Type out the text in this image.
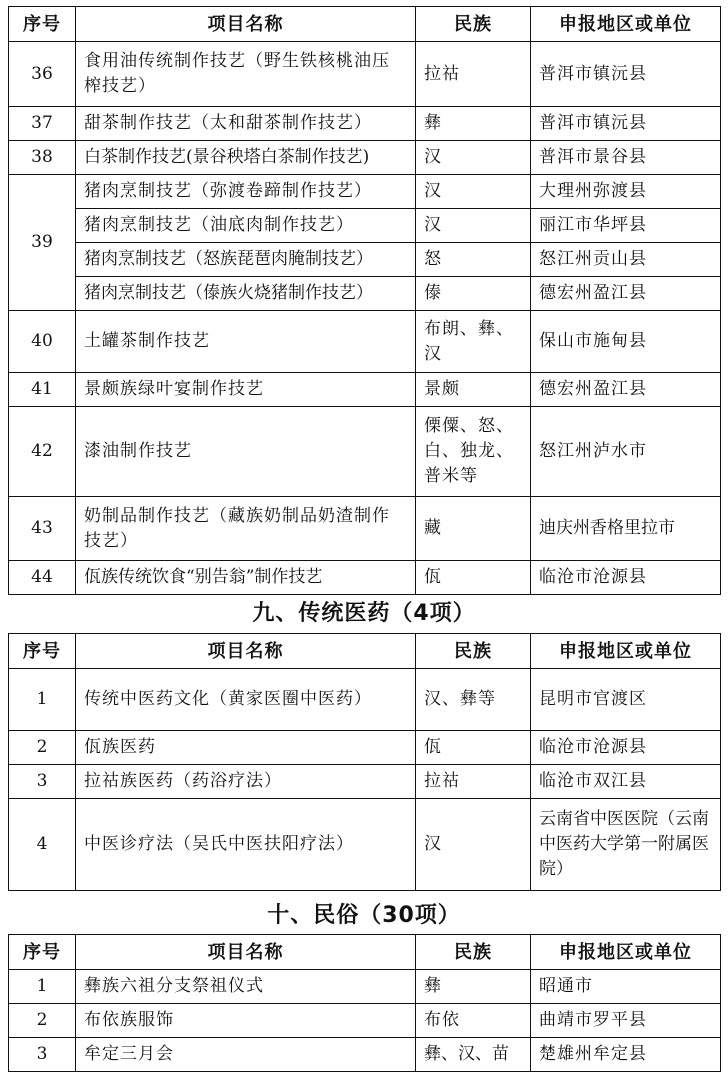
序号	项目名称	民族	申报地区或单位
36	食用油传统制作技艺（野生铁核桃油压榨技艺）	拉祜	普洱市镇沅县
37	甜茶制作技艺（太和甜茶制作技艺）	彝	普洱市镇沅县
38	白茶制作技艺(景谷秧塔白茶制作技艺)	汉	普洱市景谷县
39	猪肉烹制技艺（弥渡卷蹄制作技艺）	汉	大理州弥渡县
	猪肉烹制技艺（油底肉制作技艺）	汉	丽江市华坪县
	猪肉烹制技艺（怒族琵琶肉腌制技艺）	怒	怒江州贡山县
	猪肉烹制技艺（傣族火烧猪制作技艺）	傣	德宏州盈江县
40	土罐茶制作技艺	布朗、彝、汉	保山市施甸县
41	景颇族绿叶宴制作技艺	景颇	德宏州盈江县
42	漆油制作技艺	傈僳、怒、白、独龙、普米等	怒江州泸水市
43	奶制品制作技艺（藏族奶制品奶渣制作技艺）	藏	迪庆州香格里拉市
44	佤族传统饮食“别告翁”制作技艺	佤	临沧市沧源县
九、传统医药（4项）
序号	项目名称	民族	申报地区或单位
1	传统中医药文化（黄家医圈中医药）	汉、彝等	昆明市官渡区
2	佤族医药	佤	临沧市沧源县
3	拉祜族医药（药浴疗法）	拉祜	临沧市双江县
4	中医诊疗法（吴氏中医扶阳疗法）	汉	云南省中医医院（云南中医药大学第一附属医院）
十、民俗（30项）
序号	项目名称	民族	申报地区或单位
1	彝族六祖分支祭祖仪式	彝	昭通市
2	布依族服饰	布依	曲靖市罗平县
3	牟定三月会	彝、汉、苗	楚雄州牟定县
